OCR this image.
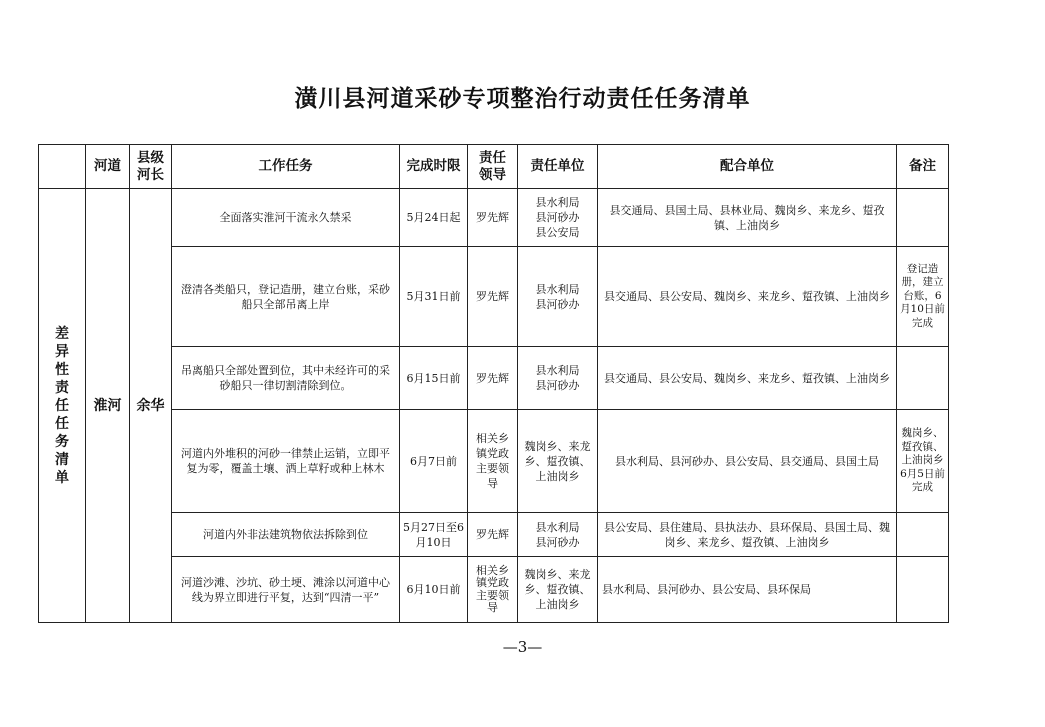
潢川县河道采砂专项整治行动责任任务清单
	河道	县级河长	工作任务	完成时限	责任领导	责任单位	配合单位	备注
差异性责任任务清单	淮河	余华	全面落实淮河干流永久禁采	5月24日起	罗先辉	县水利局
县河砂办
县公安局	县交通局、县国土局、县林业局、魏岗乡、来龙乡、踅孜镇、上油岗乡	
			澄清各类船只，登记造册，建立台账，采砂船只全部吊离上岸	5月31日前	罗先辉	县水利局
县河砂办	县交通局、县公安局、魏岗乡、来龙乡、踅孜镇、上油岗乡	登记造册，建立台账，6月10日前完成
			吊离船只全部处置到位，其中未经许可的采砂船只一律切割清除到位。	6月15日前	罗先辉	县水利局
县河砂办	县交通局、县公安局、魏岗乡、来龙乡、踅孜镇、上油岗乡	
			河道内外堆积的河砂一律禁止运销，立即平复为零，覆盖土壤、洒上草籽或种上林木	6月7日前	相关乡镇党政主要领导	魏岗乡、来龙乡、踅孜镇、上油岗乡	县水利局、县河砂办、县公安局、县交通局、县国土局	魏岗乡、踅孜镇、上油岗乡6月5日前完成
			河道内外非法建筑物依法拆除到位	5月27日至6月10日	罗先辉	县水利局
县河砂办	县公安局、县住建局、县执法办、县环保局、县国土局、魏岗乡、来龙乡、踅孜镇、上油岗乡	
			河道沙滩、沙坑、砂土埂、滩涂以河道中心线为界立即进行平复，达到“四清一平”	6月10日前	相关乡镇党政主要领导	魏岗乡、来龙乡、踅孜镇、上油岗乡	县水利局、县河砂办、县公安局、县环保局	
—3—
